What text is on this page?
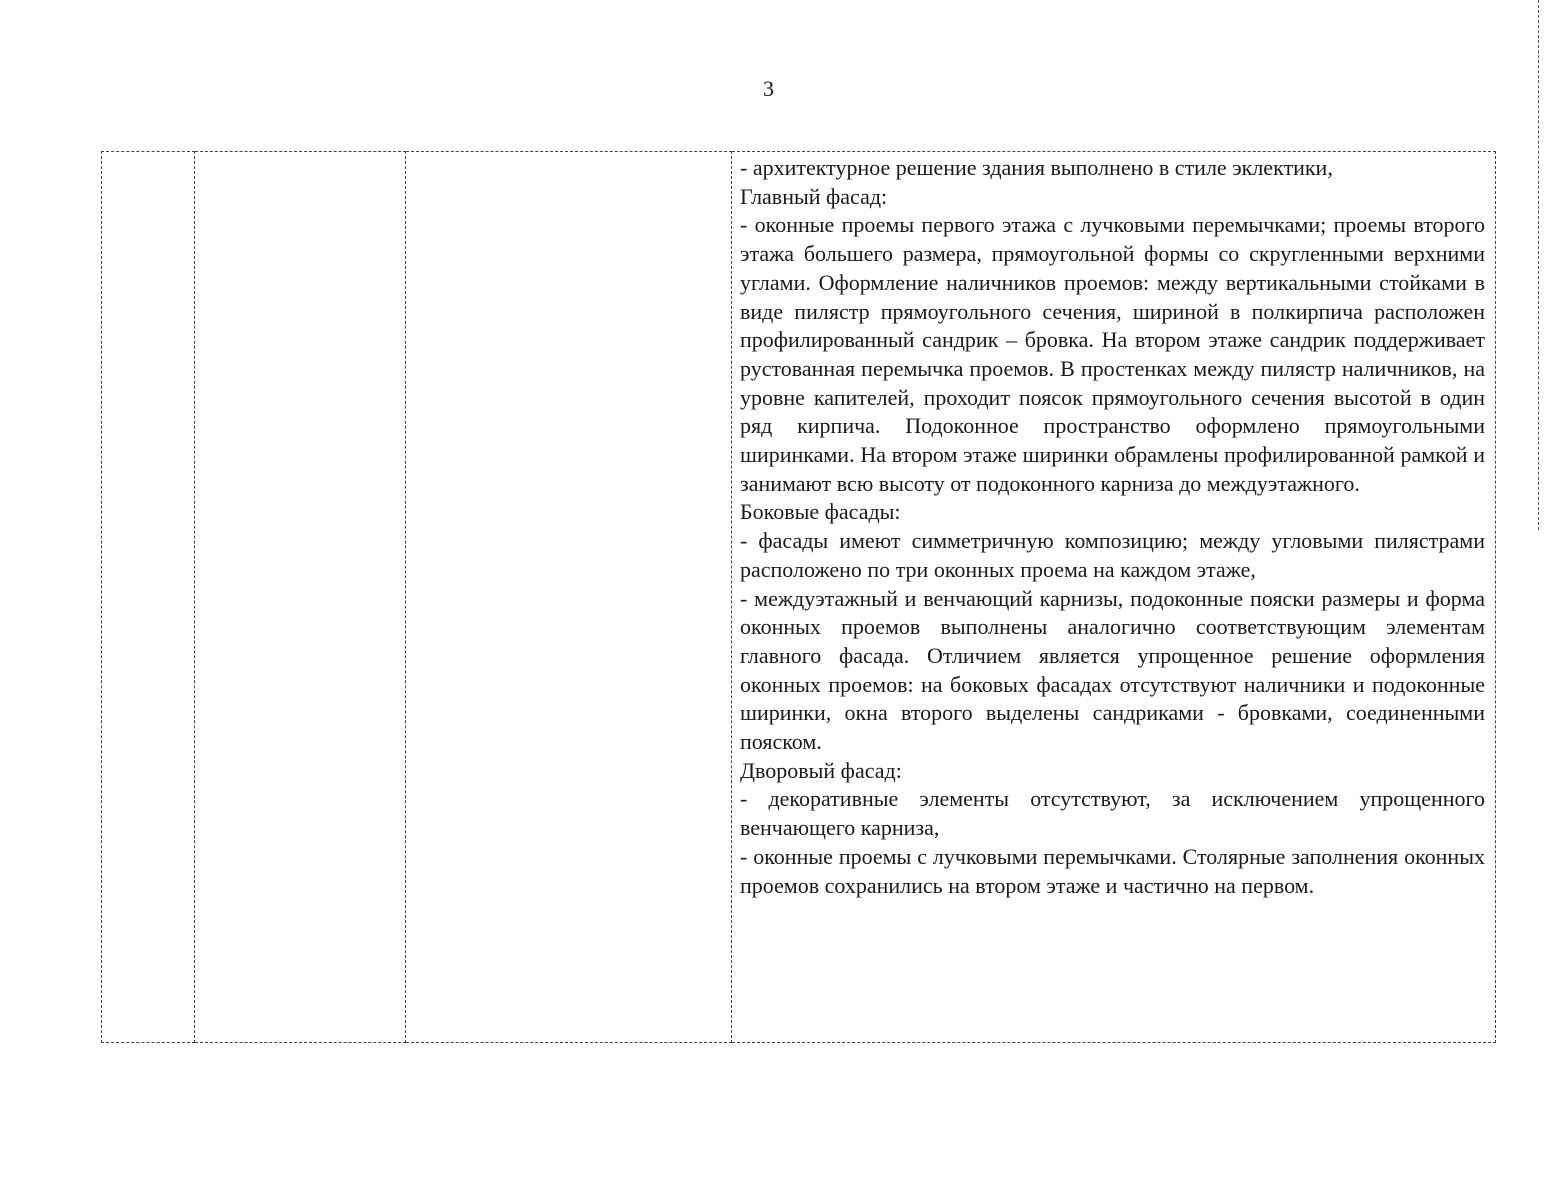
3

- архитектурное решение здания выполнено в стиле эклектики,

Главный фасад:

- оконные проемы первого этажа с лучковыми перемычками; проемы второго этажа большего размера, прямоугольной формы со скругленными верхними углами. Оформление наличников проемов: между вертикальными стойками в виде пилястр прямоугольного сечения, шириной в полкирпича расположен профилированный сандрик – бровка. На втором этаже сандрик поддерживает рустованная перемычка проемов. В простенках между пилястр наличников, на уровне капителей, проходит поясок прямоугольного сечения высотой в один ряд кирпича. Подоконное пространство оформлено прямоугольными ширинками. На втором этаже ширинки обрамлены профилированной рамкой и занимают всю высоту от подоконного карниза до междуэтажного.

Боковые фасады:

- фасады имеют симметричную композицию; между угловыми пилястрами расположено по три оконных проема на каждом этаже,

- междуэтажный и венчающий карнизы, подоконные пояски размеры и форма оконных проемов выполнены аналогично соответствующим элементам главного фасада. Отличием является упрощенное решение оформления оконных проемов: на боковых фасадах отсутствуют наличники и подоконные ширинки, окна второго выделены сандриками - бровками, соединенными пояском.

Дворовый фасад:

- декоративные элементы отсутствуют, за исключением упрощенного венчающего карниза,

- оконные проемы с лучковыми перемычками. Столярные заполнения оконных проемов сохранились на втором этаже и частично на первом.
